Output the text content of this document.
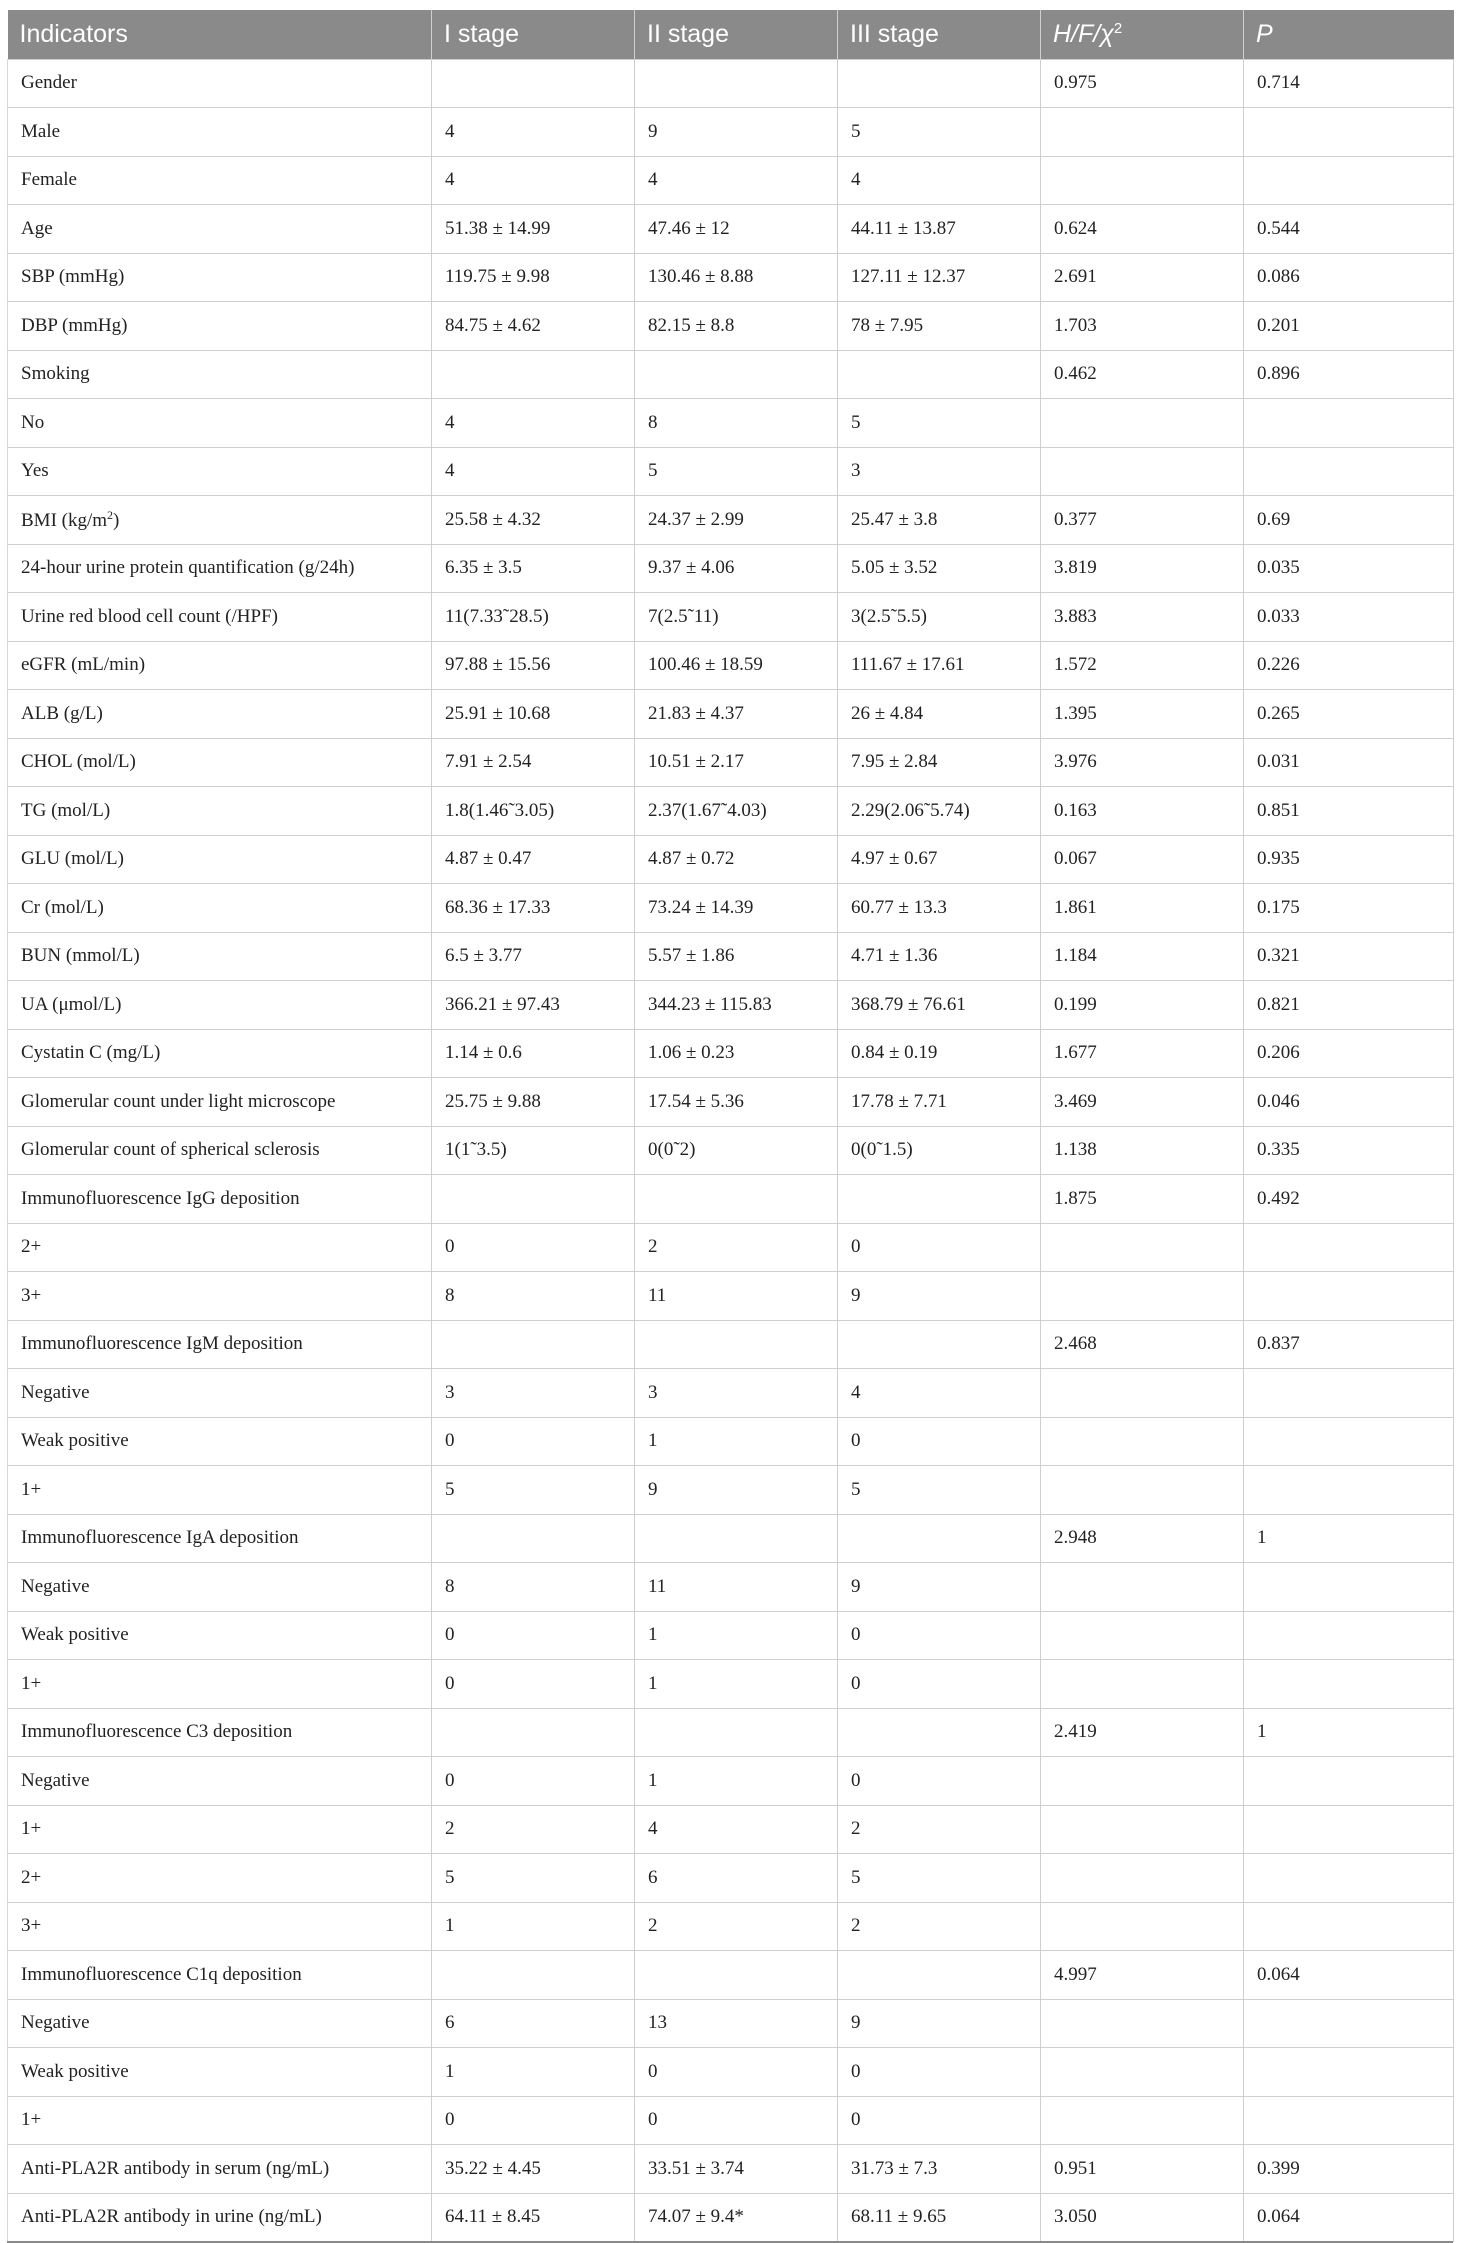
Indicators	I stage	II stage	III stage	$H/F/\chi^2$	P
Gender				0.975	0.714
Male	4	9	5		
Female	4	4	4		
Age	51.38 ± 14.99	47.46 ± 12	44.11 ± 13.87	0.624	0.544
SBP (mmHg)	119.75 ± 9.98	130.46 ± 8.88	127.11 ± 12.37	2.691	0.086
DBP (mmHg)	84.75 ± 4.62	82.15 ± 8.8	78 ± 7.95	1.703	0.201
Smoking				0.462	0.896
No	4	8	5		
Yes	4	5	3		
BMI $(kg/m^2)$	25.58 ± 4.32	24.37 ± 2.99	25.47 ± 3.8	0.377	0.69
24-hour urine protein quantification (g/24h)	6.35 ± 3.5	9.37 ± 4.06	5.05 ± 3.52	3.819	0.035
Urine red blood cell count (/HPF)	11(7.33˜28.5)	7(2.5˜11)	3(2.5˜5.5)	3.883	0.033
eGFR (mL/min)	97.88 ± 15.56	100.46 ± 18.59	111.67 ± 17.61	1.572	0.226
ALB (g/L)	25.91 ± 10.68	21.83 ± 4.37	26 ± 4.84	1.395	0.265
CHOL (mol/L)	7.91 ± 2.54	10.51 ± 2.17	7.95 ± 2.84	3.976	0.031
TG (mol/L)	1.8(1.46˜3.05)	2.37(1.67˜4.03)	2.29(2.06˜5.74)	0.163	0.851
GLU (mol/L)	4.87 ± 0.47	4.87 ± 0.72	4.97 ± 0.67	0.067	0.935
Cr (mol/L)	68.36 ± 17.33	73.24 ± 14.39	60.77 ± 13.3	1.861	0.175
BUN (mmol/L)	6.5 ± 3.77	5.57 ± 1.86	4.71 ± 1.36	1.184	0.321
UA (μmol/L)	366.21 ± 97.43	344.23 ± 115.83	368.79 ± 76.61	0.199	0.821
Cystatin C (mg/L)	1.14 ± 0.6	1.06 ± 0.23	0.84 ± 0.19	1.677	0.206
Glomerular count under light microscope	25.75 ± 9.88	17.54 ± 5.36	17.78 ± 7.71	3.469	0.046
Glomerular count of spherical sclerosis	1(1˜3.5)	0(0˜2)	0(0˜1.5)	1.138	0.335
Immunofluorescence IgG deposition				1.875	0.492
2+	0	2	0		
3+	8	11	9		
Immunofluorescence IgM deposition				2.468	0.837
Negative	3	3	4		
Weak positive	0	1	0		
1+	5	9	5		
Immunofluorescence IgA deposition				2.948	1
Negative	8	11	9		
Weak positive	0	1	0		
1+	0	1	0		
Immunofluorescence C3 deposition				2.419	1
Negative	0	1	0		
1+	2	4	2		
2+	5	6	5		
3+	1	2	2		
Immunofluorescence C1q deposition				4.997	0.064
Negative	6	13	9		
Weak positive	1	0	0		
1+	0	0	0		
Anti-PLA2R antibody in serum (ng/mL)	35.22 ± 4.45	33.51 ± 3.74	31.73 ± 7.3	0.951	0.399
Anti-PLA2R antibody in urine (ng/mL)	64.11 ± 8.45	74.07 ± 9.4*	68.11 ± 9.65	3.050	0.064
